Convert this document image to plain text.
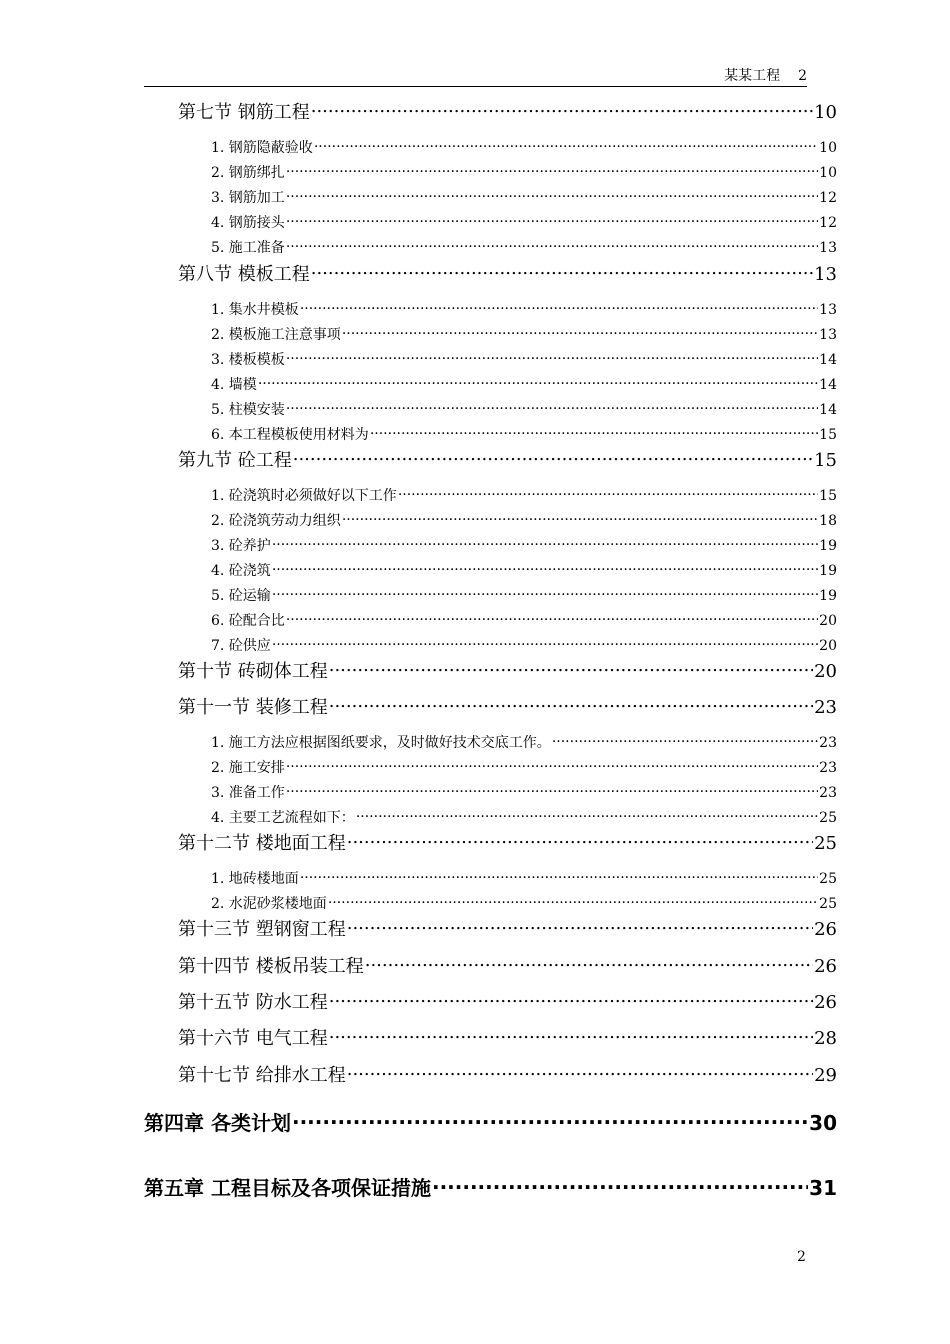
某某工程 2
第七节 钢筋工程 .....	10
1. 钢筋隐蔽验收 .....	10
2. 钢筋绑扎 .....	10
3. 钢筋加工 .....	12
4. 钢筋接头 .....	12
5. 施工准备 .....	13
第八节 模板工程 .....	13
1. 集水井模板 .....	13
2. 模板施工注意事项 .....	13
3. 楼板模板 .....	14
4. 墙模 .....	14
5. 柱模安装 .....	14
6. 本工程模板使用材料为 .....	15
第九节 砼工程 .....	15
1. 砼浇筑时必须做好以下工作 .....	15
2. 砼浇筑劳动力组织 .....	18
3. 砼养护 .....	19
4. 砼浇筑 .....	19
5. 砼运输 .....	19
6. 砼配合比 .....	20
7. 砼供应 .....	20
第十节 砖砌体工程 .....	20
第十一节 装修工程 .....	23
1. 施工方法应根据图纸要求，及时做好技术交底工作。 .....	23
2. 施工安排 .....	23
3. 准备工作 .....	23
4. 主要工艺流程如下： .....	25
第十二节 楼地面工程 .....	25
1. 地砖楼地面 .....	25
2. 水泥砂浆楼地面 .....	25
第十三节 塑钢窗工程 .....	26
第十四节 楼板吊装工程 .....	26
第十五节 防水工程 .....	26
第十六节 电气工程 .....	28
第十七节 给排水工程 .....	29
第四章 各类计划 .....	30
第五章 工程目标及各项保证措施 .....	31
2
